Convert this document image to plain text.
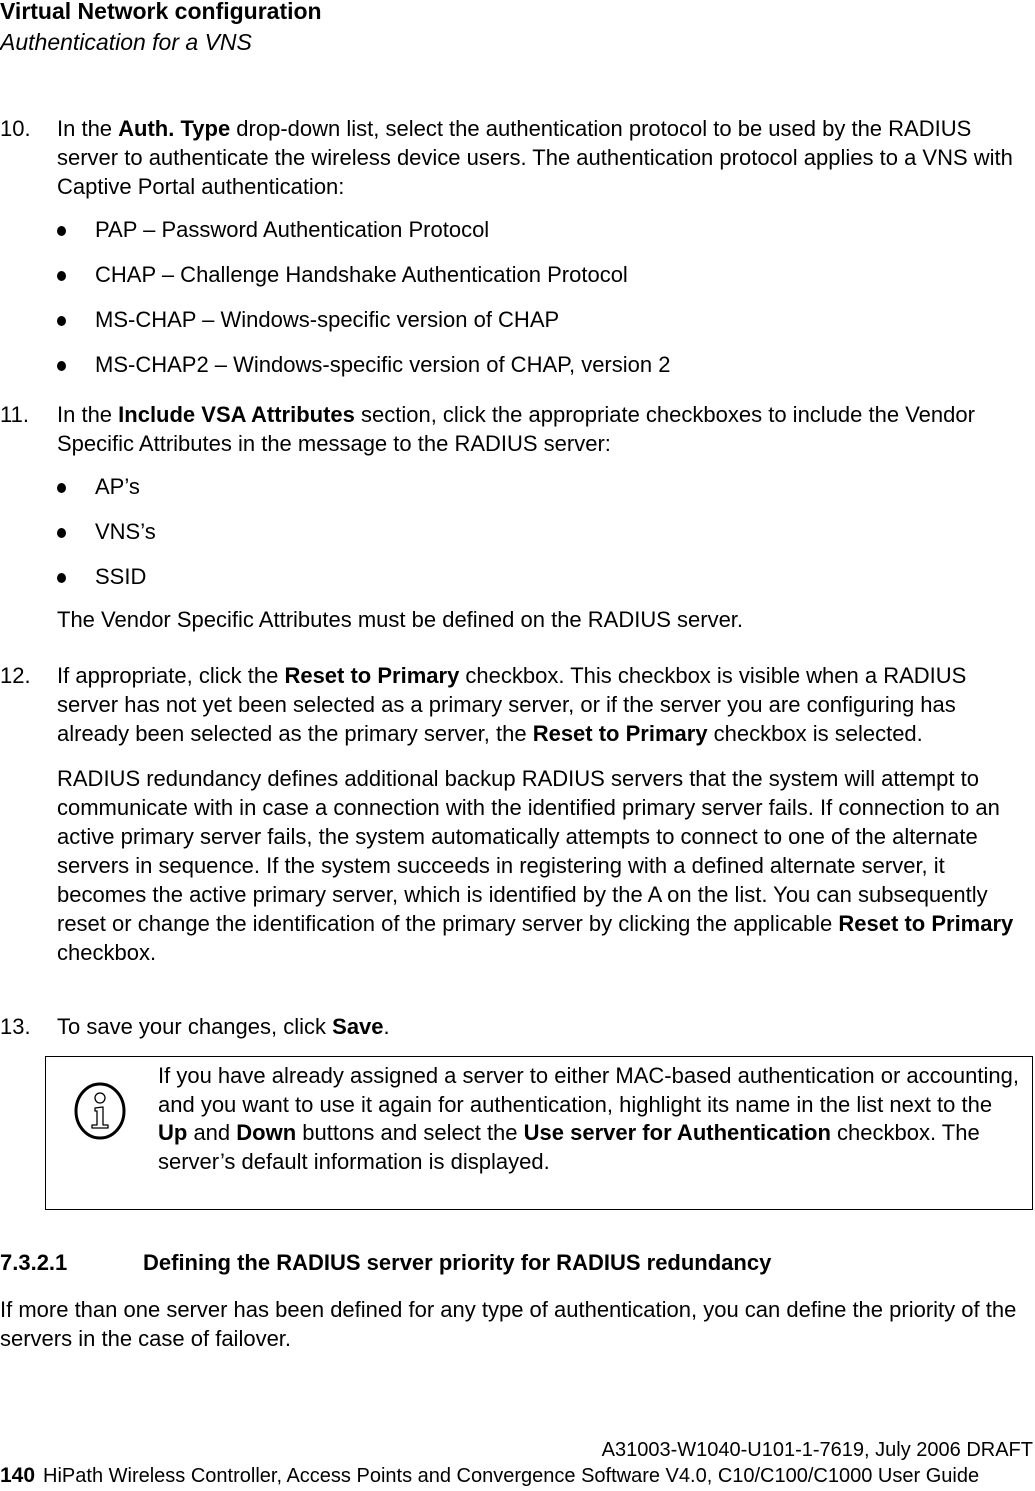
Virtual Network configuration
Authentication for a VNS
10.	In the Auth. Type drop-down list, select the authentication protocol to be used by the RADIUS server to authenticate the wireless device users. The authentication protocol applies to a VNS with Captive Portal authentication:

PAP – Password Authentication Protocol
CHAP – Challenge Handshake Authentication Protocol
MS-CHAP – Windows-specific version of CHAP
MS-CHAP2 – Windows-specific version of CHAP, version 2
11.	In the Include VSA Attributes section, click the appropriate checkboxes to include the Vendor Specific Attributes in the message to the RADIUS server:

AP’s
VNS’s
SSID

The Vendor Specific Attributes must be defined on the RADIUS server.

12.	If appropriate, click the Reset to Primary checkbox. This checkbox is visible when a RADIUS server has not yet been selected as a primary server, or if the server you are configuring has already been selected as the primary server, the Reset to Primary checkbox is selected.

RADIUS redundancy defines additional backup RADIUS servers that the system will attempt to communicate with in case a connection with the identified primary server fails. If connection to an active primary server fails, the system automatically attempts to connect to one of the alternate servers in sequence. If the system succeeds in registering with a defined alternate server, it becomes the active primary server, which is identified by the A on the list. You can subsequently reset or change the identification of the primary server by clicking the applicable Reset to Primary checkbox.

13.	To save your changes, click Save.

If you have already assigned a server to either MAC-based authentication or accounting, and you want to use it again for authentication, highlight its name in the list next to the Up and Down buttons and select the Use server for Authentication checkbox. The server’s default information is displayed.
7.3.2.1	Defining the RADIUS server priority for RADIUS redundancy
If more than one server has been defined for any type of authentication, you can define the priority of the servers in the case of failover.
A31003-W1040-U101-1-7619, July 2006 DRAFT
140 HiPath Wireless Controller, Access Points and Convergence Software V4.0, C10/C100/C1000 User Guide
